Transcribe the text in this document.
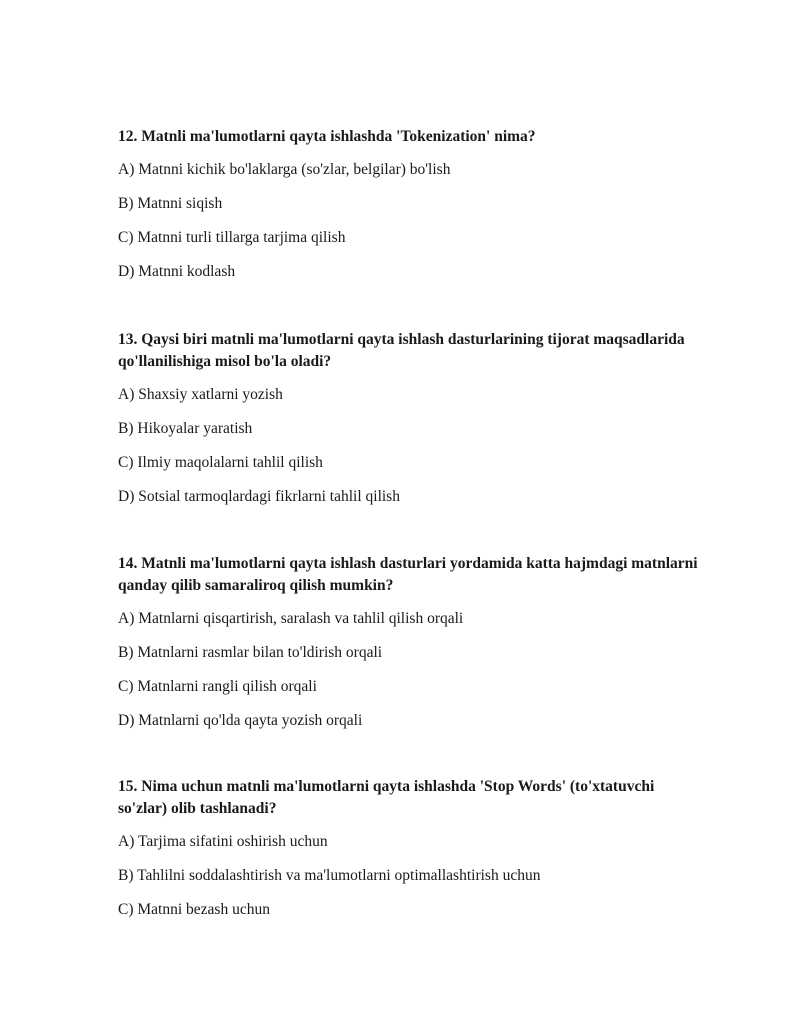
12. Matnli ma'lumotlarni qayta ishlashda 'Tokenization' nima?
A) Matnni kichik bo'laklarga (so'zlar, belgilar) bo'lish
B) Matnni siqish
C) Matnni turli tillarga tarjima qilish
D) Matnni kodlash
13. Qaysi biri matnli ma'lumotlarni qayta ishlash dasturlarining tijorat maqsadlarida qo'llanilishiga misol bo'la oladi?
A) Shaxsiy xatlarni yozish
B) Hikoyalar yaratish
C) Ilmiy maqolalarni tahlil qilish
D) Sotsial tarmoqlardagi fikrlarni tahlil qilish
14. Matnli ma'lumotlarni qayta ishlash dasturlari yordamida katta hajmdagi matnlarni qanday qilib samaraliroq qilish mumkin?
A) Matnlarni qisqartirish, saralash va tahlil qilish orqali
B) Matnlarni rasmlar bilan to'ldirish orqali
C) Matnlarni rangli qilish orqali
D) Matnlarni qo'lda qayta yozish orqali
15. Nima uchun matnli ma'lumotlarni qayta ishlashda 'Stop Words' (to'xtatuvchi so'zlar) olib tashlanadi?
A) Tarjima sifatini oshirish uchun
B) Tahlilni soddalashtirish va ma'lumotlarni optimallashtirish uchun
C) Matnni bezash uchun
